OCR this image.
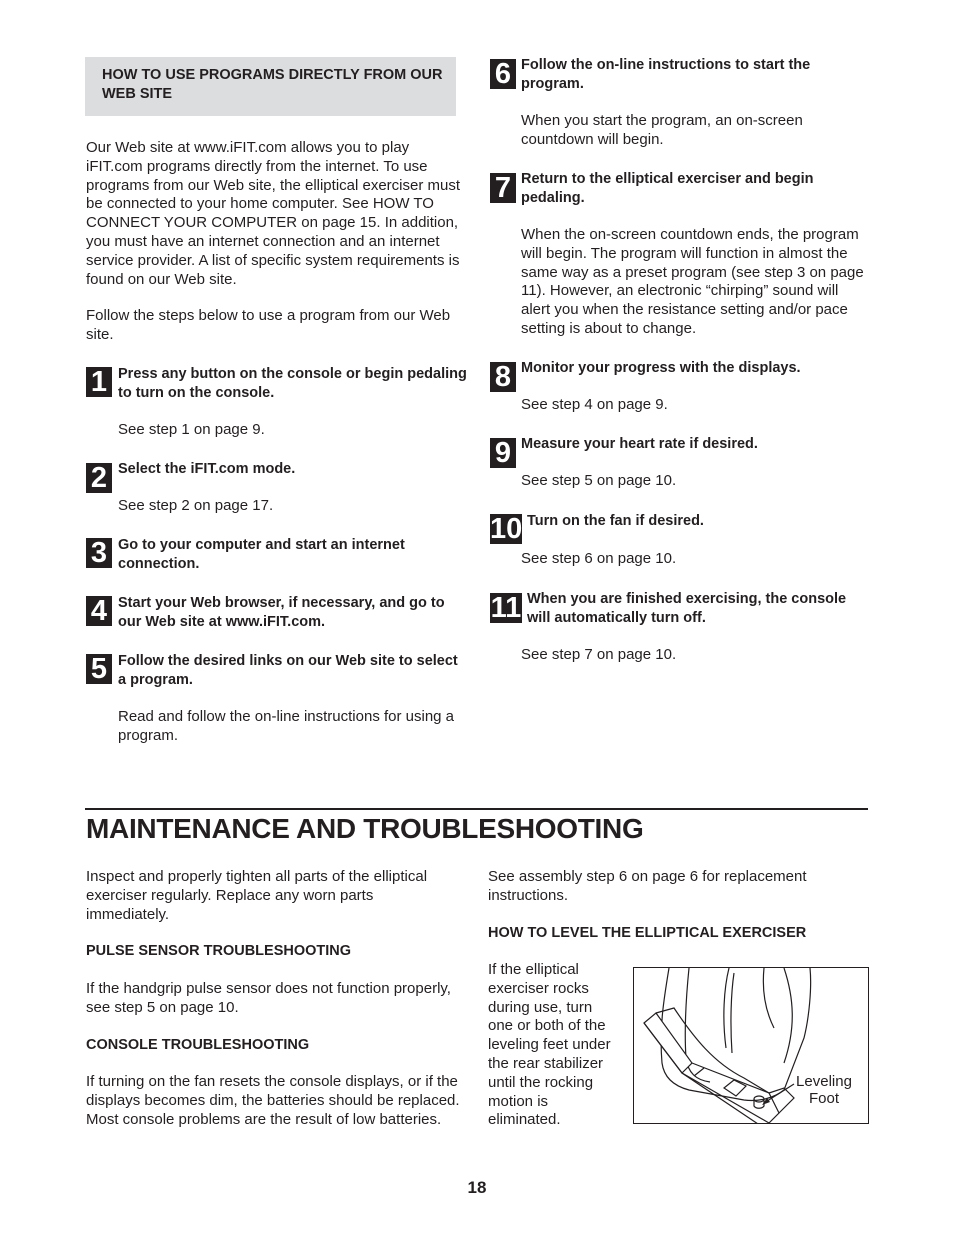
HOW TO USE PROGRAMS DIRECTLY FROM OUR WEB SITE

Our Web site at www.iFIT.com allows you to play iFIT.com programs directly from the internet. To use programs from our Web site, the elliptical exerciser must be connected to your home computer. See HOW TO CONNECT YOUR COMPUTER on page 15. In addition, you must have an internet connection and an internet service provider. A list of specific system requirements is found on our Web site.

Follow the steps below to use a program from our Web site.

1 Press any button on the console or begin pedaling to turn on the console.
See step 1 on page 9.
2 Select the iFIT.com mode.
See step 2 on page 17.
3 Go to your computer and start an internet connection.
4 Start your Web browser, if necessary, and go to our Web site at www.iFIT.com.
5 Follow the desired links on our Web site to select a program.
Read and follow the on-line instructions for using a program.
6 Follow the on-line instructions to start the program.
When you start the program, an on-screen countdown will begin.
7 Return to the elliptical exerciser and begin pedaling.
When the on-screen countdown ends, the program will begin. The program will function in almost the same way as a preset program (see step 3 on page 11). However, an electronic “chirping” sound will alert you when the resistance setting and/or pace setting is about to change.
8 Monitor your progress with the displays.
See step 4 on page 9.
9 Measure your heart rate if desired.
See step 5 on page 10.
10 Turn on the fan if desired.
See step 6 on page 10.
11 When you are finished exercising, the console will automatically turn off.
See step 7 on page 10.
MAINTENANCE AND TROUBLESHOOTING

Inspect and properly tighten all parts of the elliptical exerciser regularly. Replace any worn parts immediately.

PULSE SENSOR TROUBLESHOOTING

If the handgrip pulse sensor does not function properly, see step 5 on page 10.

CONSOLE TROUBLESHOOTING

If turning on the fan resets the console displays, or if the displays becomes dim, the batteries should be replaced. Most console problems are the result of low batteries.

See assembly step 6 on page 6 for replacement instructions.

HOW TO LEVEL THE ELLIPTICAL EXERCISER

If the elliptical exerciser rocks during use, turn one or both of the leveling feet under the rear stabilizer until the rocking motion is eliminated.

Leveling
Foot
18
